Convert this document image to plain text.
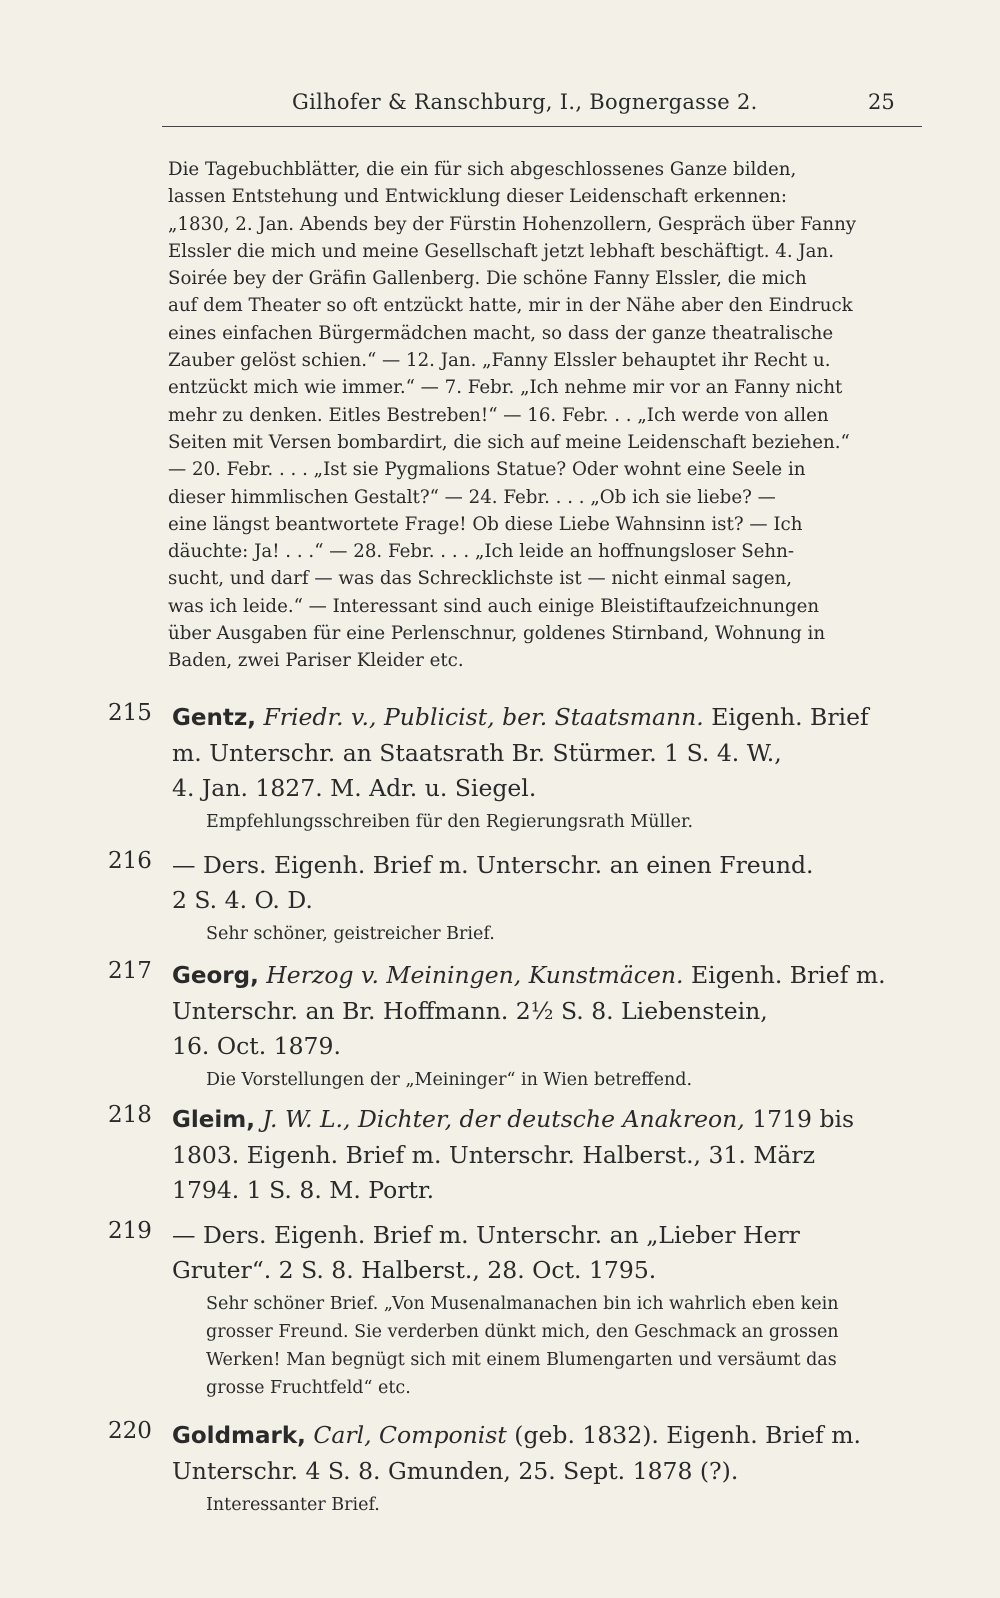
Gilhofer & Ranschburg, I., Bognergasse 2.	25
Die Tagebuchblätter, die ein für sich abgeschlossenes Ganze bilden,
lassen Entstehung und Entwicklung dieser Leidenschaft erkennen:
„1830, 2. Jan. Abends bey der Fürstin Hohenzollern, Gespräch über Fanny
Elssler die mich und meine Gesellschaft jetzt lebhaft beschäftigt. 4. Jan.
Soirée bey der Gräfin Gallenberg. Die schöne Fanny Elssler, die mich
auf dem Theater so oft entzückt hatte, mir in der Nähe aber den Eindruck
eines einfachen Bürgermädchen macht, so dass der ganze theatralische
Zauber gelöst schien.“ — 12. Jan. „Fanny Elssler behauptet ihr Recht u.
entzückt mich wie immer.“ — 7. Febr. „Ich nehme mir vor an Fanny nicht
mehr zu denken. Eitles Bestreben!“ — 16. Febr. . . „Ich werde von allen
Seiten mit Versen bombardirt, die sich auf meine Leidenschaft beziehen.“
— 20. Febr. . . . „Ist sie Pygmalions Statue? Oder wohnt eine Seele in
dieser himmlischen Gestalt?“ — 24. Febr. . . . „Ob ich sie liebe? —
eine längst beantwortete Frage! Ob diese Liebe Wahnsinn ist? — Ich
däuchte: Ja! . . .“ — 28. Febr. . . . „Ich leide an hoffnungsloser Sehn-
sucht, und darf — was das Schrecklichste ist — nicht einmal sagen,
was ich leide.“ — Interessant sind auch einige Bleistiftaufzeichnungen
über Ausgaben für eine Perlenschnur, goldenes Stirnband, Wohnung in
Baden, zwei Pariser Kleider etc.
215 Gentz, Friedr. v., Publicist, ber. Staatsmann. Eigenh. Brief
m. Unterschr. an Staatsrath Br. Stürmer. 1 S. 4. W.,
4. Jan. 1827. M. Adr. u. Siegel.
Empfehlungsschreiben für den Regierungsrath Müller.
216 — Ders. Eigenh. Brief m. Unterschr. an einen Freund.
2 S. 4. O. D.
Sehr schöner, geistreicher Brief.
217 Georg, Herzog v. Meiningen, Kunstmäcen. Eigenh. Brief m.
Unterschr. an Br. Hoffmann. 2½ S. 8. Liebenstein,
16. Oct. 1879.
Die Vorstellungen der „Meininger“ in Wien betreffend.
218 Gleim, J. W. L., Dichter, der deutsche Anakreon, 1719 bis
1803. Eigenh. Brief m. Unterschr. Halberst., 31. März
1794. 1 S. 8. M. Portr.
219 — Ders. Eigenh. Brief m. Unterschr. an „Lieber Herr
Gruter“. 2 S. 8. Halberst., 28. Oct. 1795.
Sehr schöner Brief. „Von Musenalmanachen bin ich wahrlich eben kein
grosser Freund. Sie verderben dünkt mich, den Geschmack an grossen
Werken! Man begnügt sich mit einem Blumengarten und versäumt das
grosse Fruchtfeld“ etc.
220 Goldmark, Carl, Componist (geb. 1832). Eigenh. Brief m.
Unterschr. 4 S. 8. Gmunden, 25. Sept. 1878 (?).
Interessanter Brief.
